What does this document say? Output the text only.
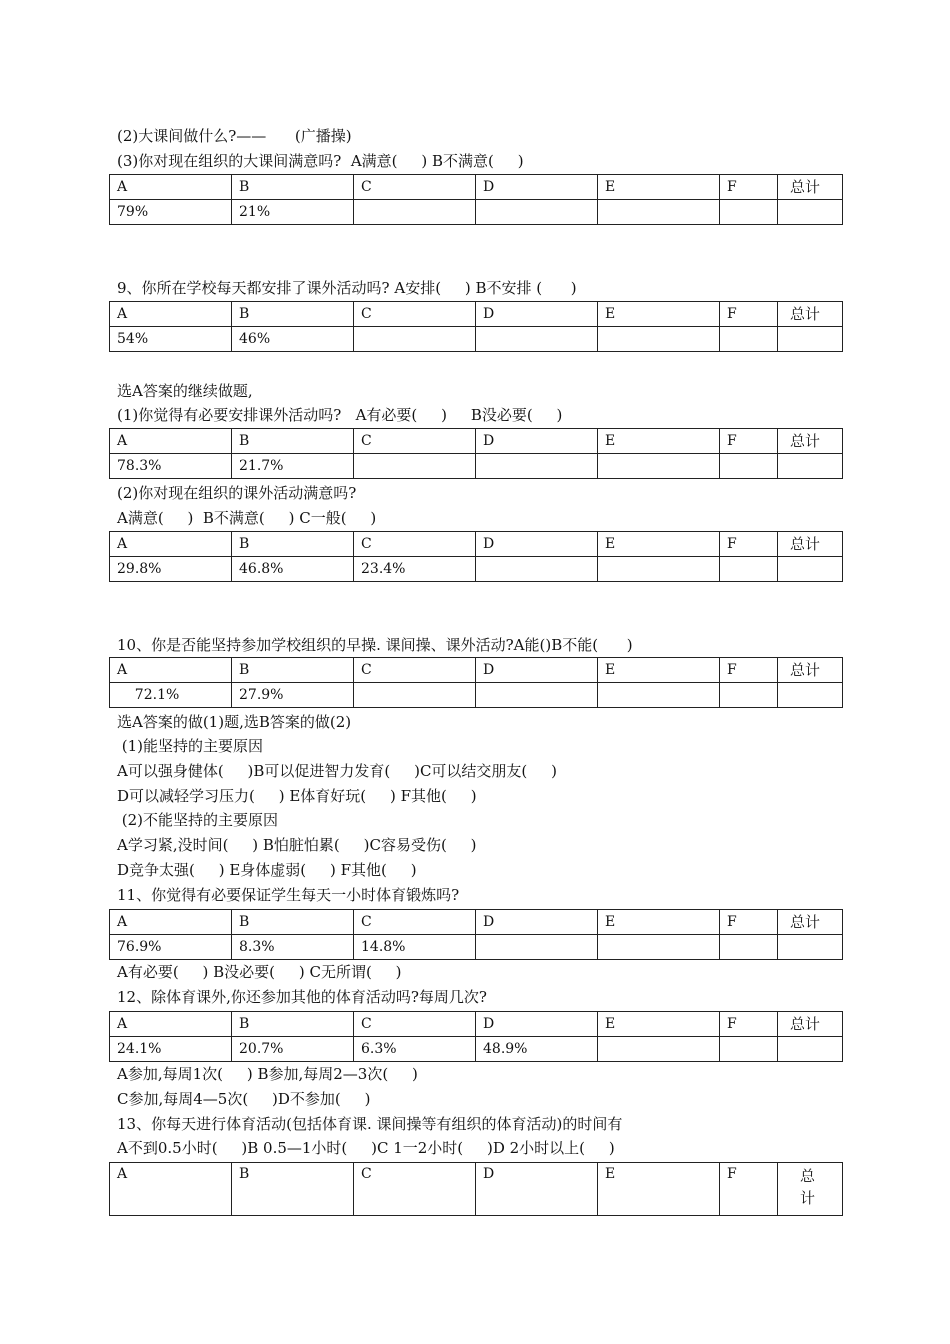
(2)大课间做什么?——      (广播操)
(3)你对现在组织的大课间满意吗?  A满意(     ) B不满意(     )
A	B	C	D	E	F	总计
79%	21%					
9、你所在学校每天都安排了课外活动吗? A安排(     ) B不安排 (      )
A	B	C	D	E	F	总计
54%	46%					
选A答案的继续做题,
(1)你觉得有必要安排课外活动吗?   A有必要(     )     B没必要(     )
A	B	C	D	E	F	总计
78.3%	21.7%					
(2)你对现在组织的课外活动满意吗?
A满意(     )  B不满意(     ) C一般(     )
A	B	C	D	E	F	总计
29.8%	46.8%	23.4%				
10、你是否能坚持参加学校组织的早操. 课间操、课外活动?A能()B不能(      )
A	B	C	D	E	F	总计
72.1%	27.9%					
选A答案的做(1)题,选B答案的做(2)
(1)能坚持的主要原因
A可以强身健体(     )B可以促进智力发育(     )C可以结交朋友(     )
D可以减轻学习压力(     ) E体育好玩(     ) F其他(     )
(2)不能坚持的主要原因
A学习紧,没时间(     ) B怕脏怕累(     )C容易受伤(     )
D竞争太强(     ) E身体虚弱(     ) F其他(     )
11、你觉得有必要保证学生每天一小时体育锻炼吗?
A	B	C	D	E	F	总计
76.9%	8.3%	14.8%				
A有必要(     ) B没必要(     ) C无所谓(     )
12、除体育课外,你还参加其他的体育活动吗?每周几次?
A	B	C	D	E	F	总计
24.1%	20.7%	6.3%	48.9%			
A参加,每周1次(     ) B参加,每周2—3次(     )
C参加,每周4—5次(     )D不参加(     )
13、你每天进行体育活动(包括体育课. 课间操等有组织的体育活动)的时间有
A不到0.5小时(     )B 0.5—1小时(     )C 1一2小时(     )D 2小时以上(     )
A	B	C	D	E	F	总计
